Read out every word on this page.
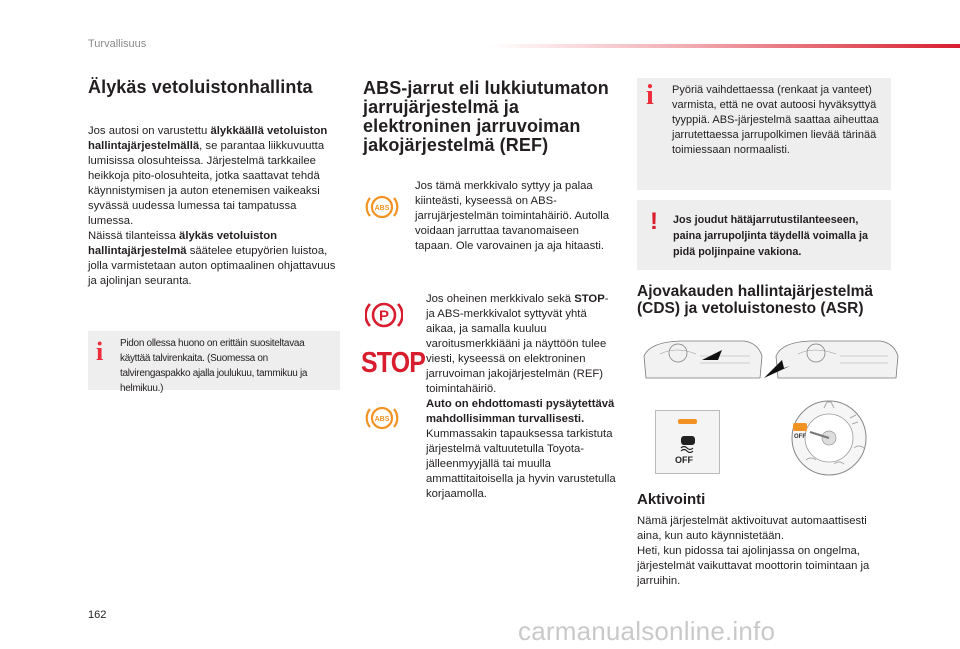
Turvallisuus
Älykäs vetoluistonhallinta

Jos autosi on varustettu älykkäällä vetoluiston hallintajärjestelmällä, se parantaa liikkuvuutta lumisissa olosuhteissa. Järjestelmä tarkkailee heikkoja pito-olosuhteita, jotka saattavat tehdä käynnistymisen ja auton etenemisen vaikeaksi syvässä uudessa lumessa tai tampatussa lumessa.

Näissä tilanteissa älykäs vetoluiston hallintajärjestelmä säätelee etupyörien luistoa, jolla varmistetaan auton optimaalinen ohjattavuus ja ajolinjan seuranta.

i Pidon ollessa huono on erittäin suositeltavaa käyttää talvirenkaita. (Suomessa on talvirengaspakko ajalla joulukuu, tammikuu ja helmikuu.)
ABS-jarrut eli lukkiutumaton jarrujärjestelmä ja elektroninen jarruvoiman jakojärjestelmä (REF)
ABS
Jos tämä merkkivalo syttyy ja palaa kiinteästi, kyseessä on ABS-jarrujärjestelmän toimintahäiriö. Autolla voidaan jarruttaa tavanomaiseen tapaan. Ole varovainen ja aja hitaasti.
P
STOP
ABS
Jos oheinen merkkivalo sekä STOP- ja ABS-merkkivalot syttyvät yhtä aikaa, ja samalla kuuluu varoitusmerkkiääni ja näyttöön tulee viesti, kyseessä on elektroninen jarruvoiman jakojärjestelmän (REF) toimintahäiriö.
Auto on ehdottomasti pysäytettävä mahdollisimman turvallisesti.
Kummassakin tapauksessa tarkistuta järjestelmä valtuutetulla Toyota-jälleenmyyjällä tai muulla ammattitaitoisella ja hyvin varustetulla korjaamolla.
i Pyöriä vaihdettaessa (renkaat ja vanteet) varmista, että ne ovat autoosi hyväksyttyä tyyppiä. ABS-järjestelmä saattaa aiheuttaa jarrutettaessa jarrupolkimen lievää tärinää toimiessaan normaalisti.
! Jos joudut hätäjarrutustilanteeseen, paina jarrupoljinta täydellä voimalla ja pidä poljinpaine vakiona.
Ajovakauden hallintajärjestelmä (CDS) ja vetoluistonesto (ASR)
OFF
OFF
Aktivointi

Nämä järjestelmät aktivoituvat automaattisesti aina, kun auto käynnistetään.

Heti, kun pidossa tai ajolinjassa on ongelma, järjestelmät vaikuttavat moottorin toimintaan ja jarruihin.

162
carmanualsonline.info
